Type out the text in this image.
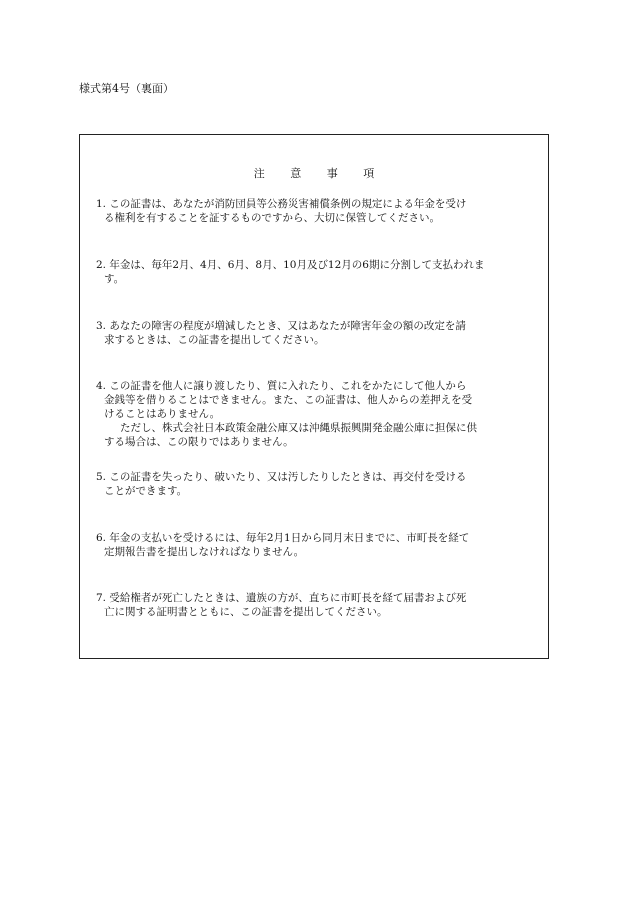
様式第4号（裏面）
注 意 事 項
1. この証書は、あなたが消防団員等公務災害補償条例の規定による年金を受け
る権利を有することを証するものですから、大切に保管してください。
2. 年金は、毎年2月、4月、6月、8月、10月及び12月の6期に分割して支払われま
す。
3. あなたの障害の程度が増減したとき、又はあなたが障害年金の額の改定を請
求するときは、この証書を提出してください。
4. この証書を他人に譲り渡したり、質に入れたり、これをかたにして他人から
金銭等を借りることはできません。また、この証書は、他人からの差押えを受
けることはありません。
ただし、株式会社日本政策金融公庫又は沖縄県振興開発金融公庫に担保に供
する場合は、この限りではありません。
5. この証書を失ったり、破いたり、又は汚したりしたときは、再交付を受ける
ことができます。
6. 年金の支払いを受けるには、毎年2月1日から同月末日までに、市町長を経て
定期報告書を提出しなければなりません。
7. 受給権者が死亡したときは、遺族の方が、直ちに市町長を経て届書および死
亡に関する証明書とともに、この証書を提出してください。
